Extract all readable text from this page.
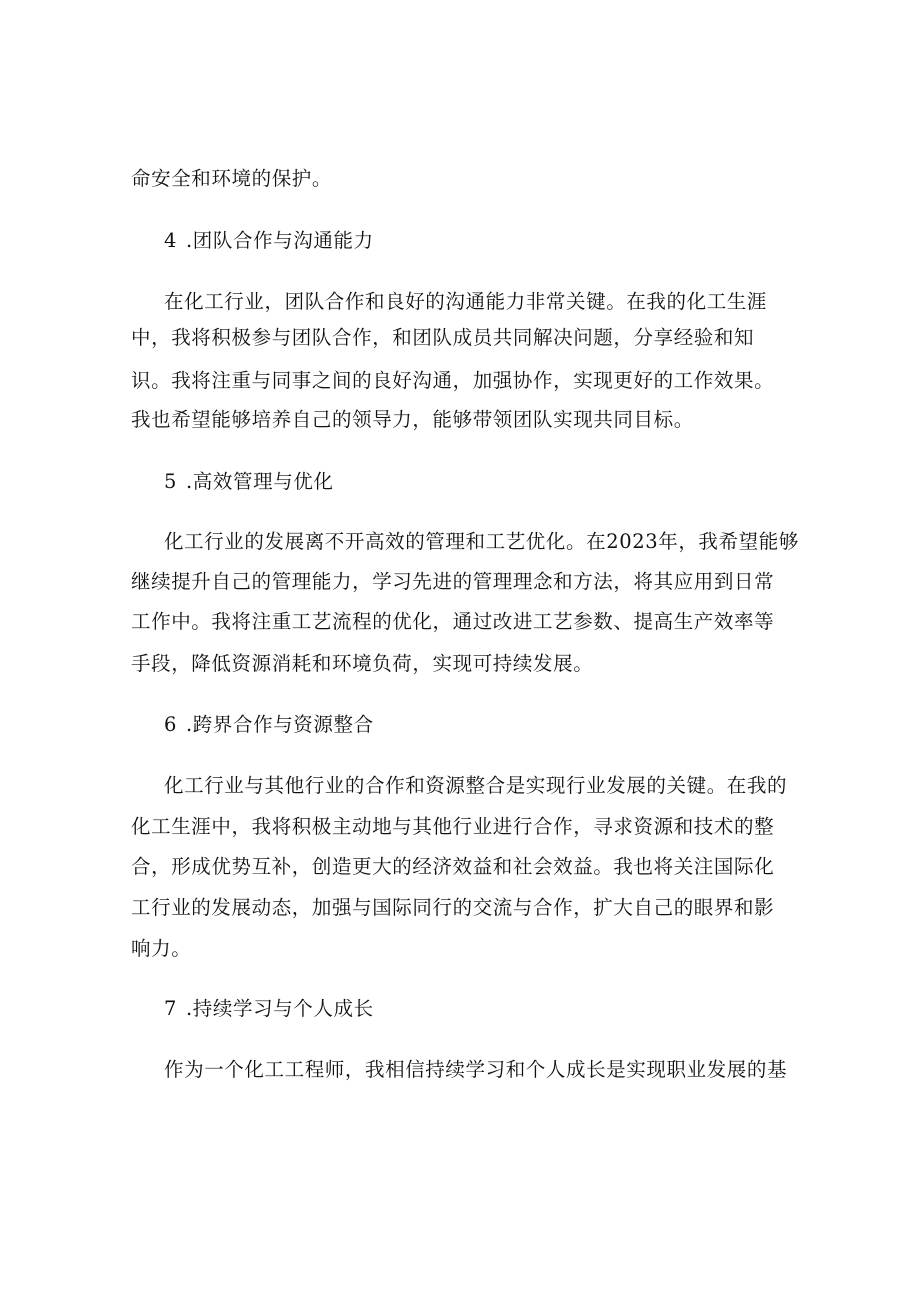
命安全和环境的保护。
4 .团队合作与沟通能力
在化工行业，团队合作和良好的沟通能力非常关键。在我的化工生涯
中，我将积极参与团队合作，和团队成员共同解决问题，分享经验和知
识。我将注重与同事之间的良好沟通，加强协作，实现更好的工作效果。
我也希望能够培养自己的领导力，能够带领团队实现共同目标。
5 .高效管理与优化
化工行业的发展离不开高效的管理和工艺优化。在2023年，我希望能够
继续提升自己的管理能力，学习先进的管理理念和方法，将其应用到日常
工作中。我将注重工艺流程的优化，通过改进工艺参数、提高生产效率等
手段，降低资源消耗和环境负荷，实现可持续发展。
6 .跨界合作与资源整合
化工行业与其他行业的合作和资源整合是实现行业发展的关键。在我的
化工生涯中，我将积极主动地与其他行业进行合作，寻求资源和技术的整
合，形成优势互补，创造更大的经济效益和社会效益。我也将关注国际化
工行业的发展动态，加强与国际同行的交流与合作，扩大自己的眼界和影
响力。
7 .持续学习与个人成长
作为一个化工工程师，我相信持续学习和个人成长是实现职业发展的基
